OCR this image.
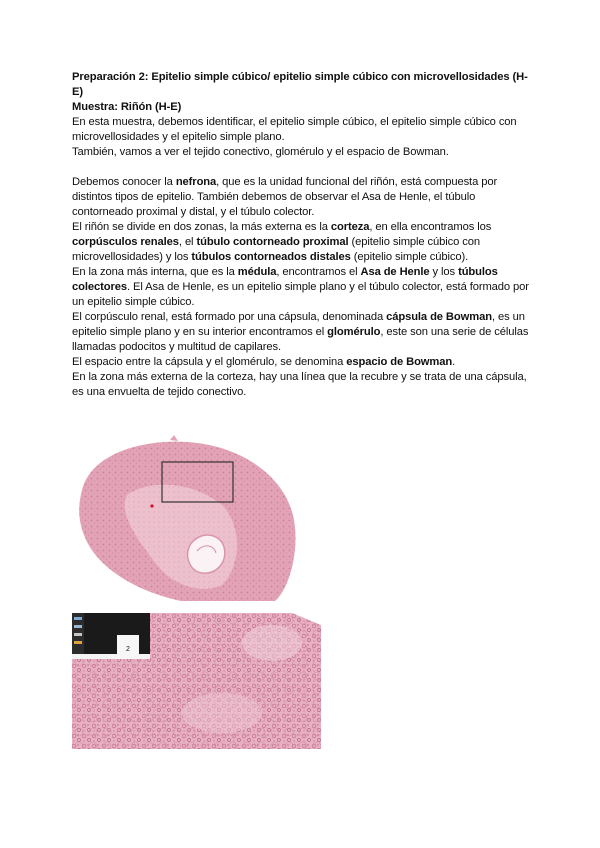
Preparación 2: Epitelio simple cúbico/ epitelio simple cúbico con microvellosidades (H-E)

Muestra: Riñón (H-E)

En esta muestra, debemos identificar, el epitelio simple cúbico, el epitelio simple cúbico con microvellosidades y el epitelio simple plano.

También, vamos a ver el tejido conectivo, glomérulo y el espacio de Bowman.

Debemos conocer la nefrona, que es la unidad funcional del riñón, está compuesta por distintos tipos de epitelio. También debemos de observar el Asa de Henle, el túbulo contorneado proximal y distal, y el túbulo colector.

El riñón se divide en dos zonas, la más externa es la corteza, en ella encontramos los corpúsculos renales, el túbulo contorneado proximal (epitelio simple cúbico con microvellosidades) y los túbulos contorneados distales (epitelio simple cúbico).

En la zona más interna, que es la médula, encontramos el Asa de Henle y los túbulos colectores. El Asa de Henle, es un epitelio simple plano y el túbulo colector, está formado por un epitelio simple cúbico.

El corpúsculo renal, está formado por una cápsula, denominada cápsula de Bowman, es un epitelio simple plano y en su interior encontramos el glomérulo, este son una serie de células llamadas podocitos y multitud de capilares.

El espacio entre la cápsula y el glomérulo, se denomina espacio de Bowman.

En la zona más externa de la corteza, hay una línea que la recubre y se trata de una cápsula, es una envuelta de tejido conectivo.

2
